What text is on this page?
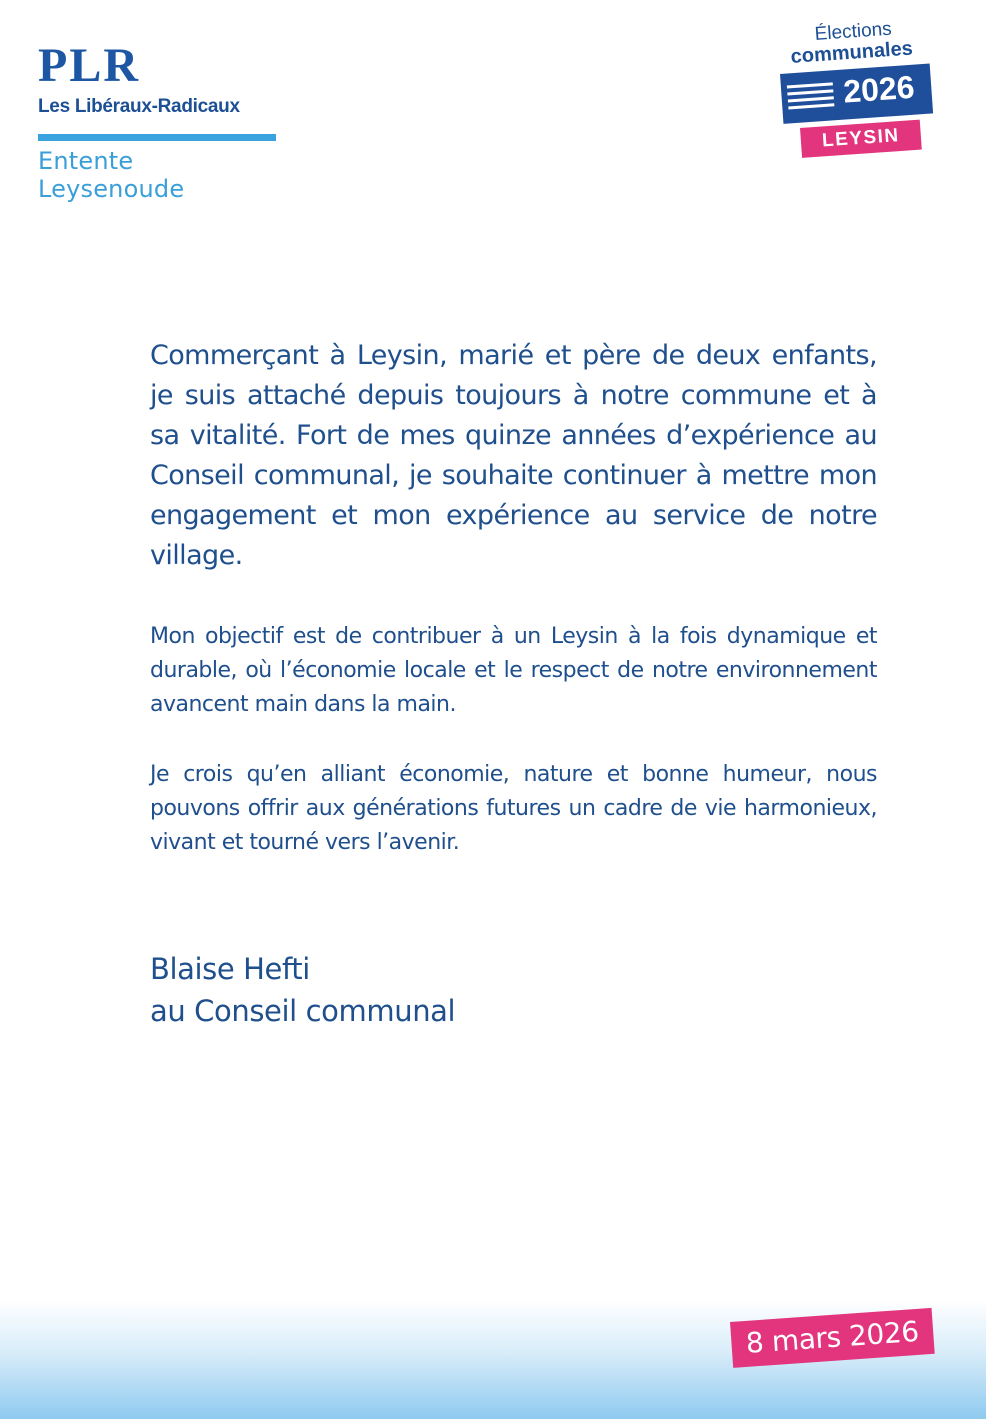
PLR
Les Libéraux-Radicaux
Entente Leysenoude
Élections
communales
2026
LEYSIN

Commerçant à Leysin, marié et père de deux enfants, je suis attaché depuis toujours à notre commune et à sa vitalité. Fort de mes quinze années d’expérience au Conseil communal, je souhaite continuer à mettre mon engagement et mon expérience au service de notre village.

Mon objectif est de contribuer à un Leysin à la fois dynamique et durable, où l’économie locale et le respect de notre environnement avancent main dans la main.

Je crois qu’en alliant économie, nature et bonne humeur, nous pouvons offrir aux générations futures un cadre de vie harmonieux, vivant et tourné vers l’avenir.

Blaise Hefti
au Conseil communal
8 mars 2026
